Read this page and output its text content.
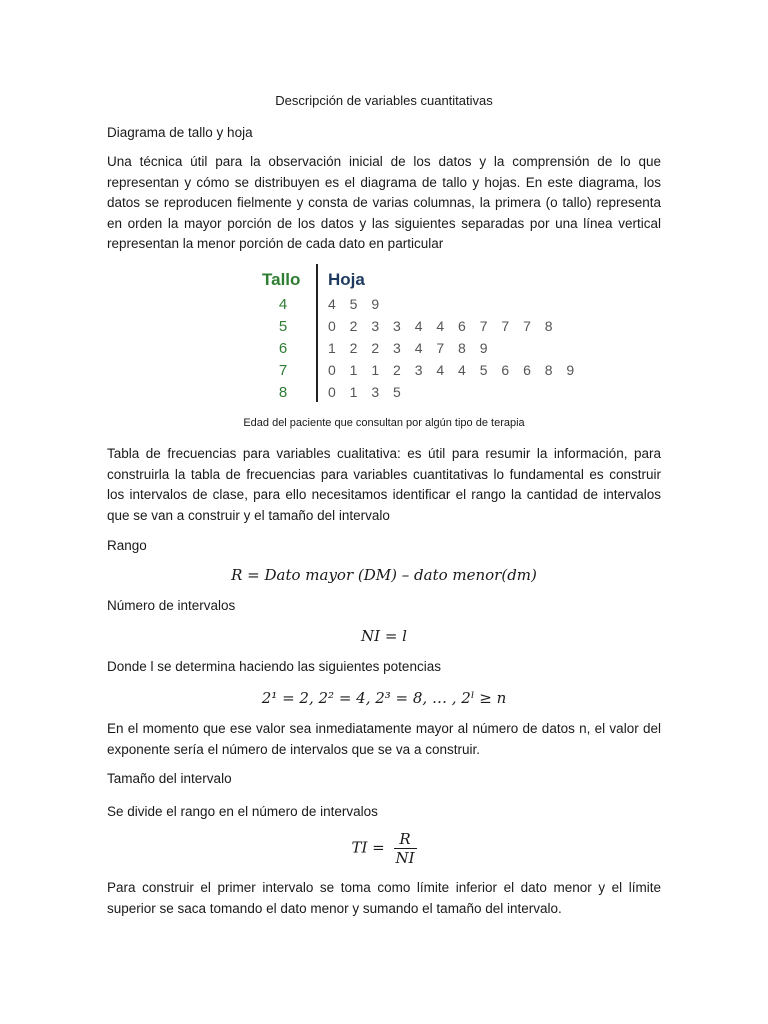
Descripción de variables cuantitativas
Diagrama de tallo y hoja

Una técnica útil para la observación inicial de los datos y la comprensión de lo que representan y cómo se distribuyen es el diagrama de tallo y hojas. En este diagrama, los datos se reproducen fielmente y consta de varias columnas, la primera (o tallo) representa en orden la mayor porción de los datos y las siguientes separadas por una línea vertical representan la menor porción de cada dato en particular

Tallo Hoja
4	4 5 9
5	0 2 3 3 4 4 6 7 7 7 8
6	1 2 2 3 4 7 8 9
7	0 1 1 2 3 4 4 5 6 6 8 9
8	0 1 3 5
Edad del paciente que consultan por algún tipo de terapia

Tabla de frecuencias para variables cualitativa: es útil para resumir la información, para construirla la tabla de frecuencias para variables cuantitativas lo fundamental es construir los intervalos de clase, para ello necesitamos identificar el rango la cantidad de intervalos que se van a construir y el tamaño del intervalo

Rango
R = Dato mayor (DM) – dato menor(dm)
Número de intervalos
NI = l
Donde l se determina haciendo las siguientes potencias
2¹ = 2, 2² = 4, 2³ = 8, … , 2ˡ ≥ n

En el momento que ese valor sea inmediatamente mayor al número de datos n, el valor del exponente sería el número de intervalos que se va a construir.

Tamaño del intervalo
Se divide el rango en el número de intervalos
TI = $\frac{R}{NI}$

Para construir el primer intervalo se toma como límite inferior el dato menor y el límite superior se saca tomando el dato menor y sumando el tamaño del intervalo.
